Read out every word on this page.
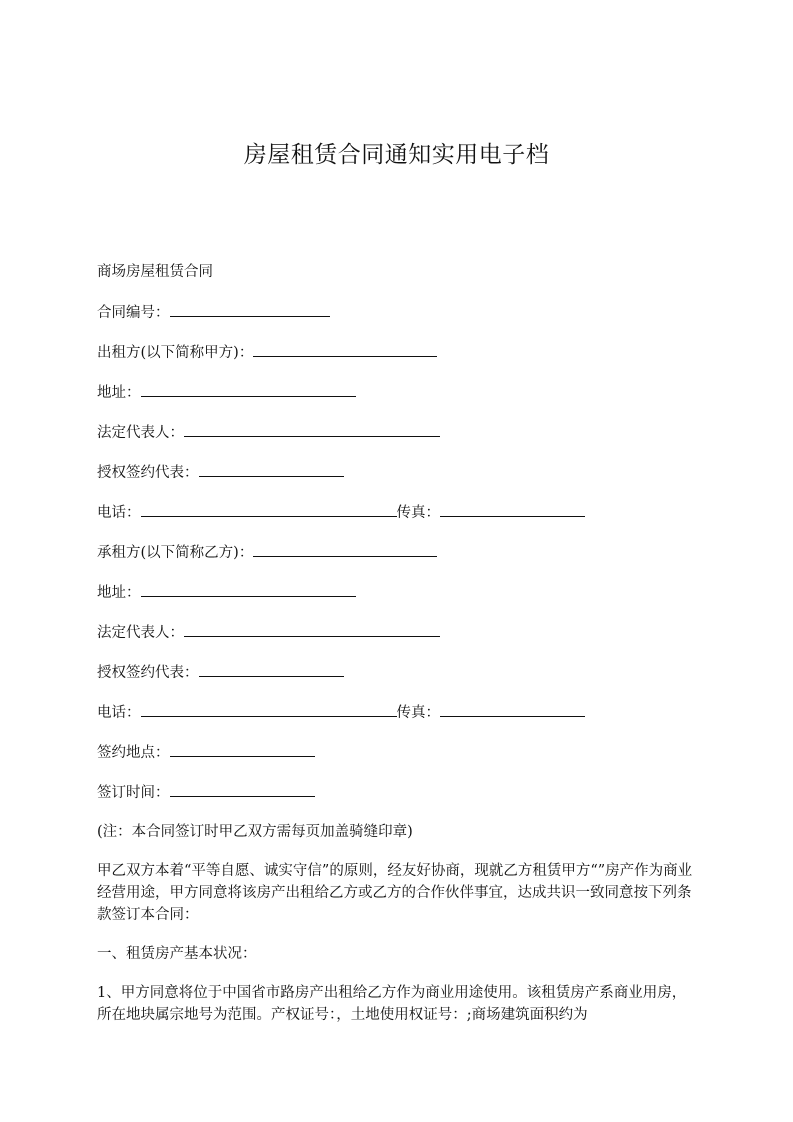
房屋租赁合同通知实用电子档
商场房屋租赁合同
合同编号：
出租方(以下简称甲方)：
地址：
法定代表人：
授权签约代表：
电话：	传真：
承租方(以下简称乙方)：
地址：
法定代表人：
授权签约代表：
电话：	传真：
签约地点：
签订时间：
(注：本合同签订时甲乙双方需每页加盖骑缝印章)
甲乙双方本着“平等自愿、诚实守信”的原则，经友好协商，现就乙方租赁甲方“”房产作为商业经营用途，甲方同意将该房产出租给乙方或乙方的合作伙伴事宜，达成共识一致同意按下列条款签订本合同：
一、租赁房产基本状况：
1、甲方同意将位于中国省市路房产出租给乙方作为商业用途使用。该租赁房产系商业用房，所在地块属宗地号为范围。产权证号：，土地使用权证号：;商场建筑面积约为
